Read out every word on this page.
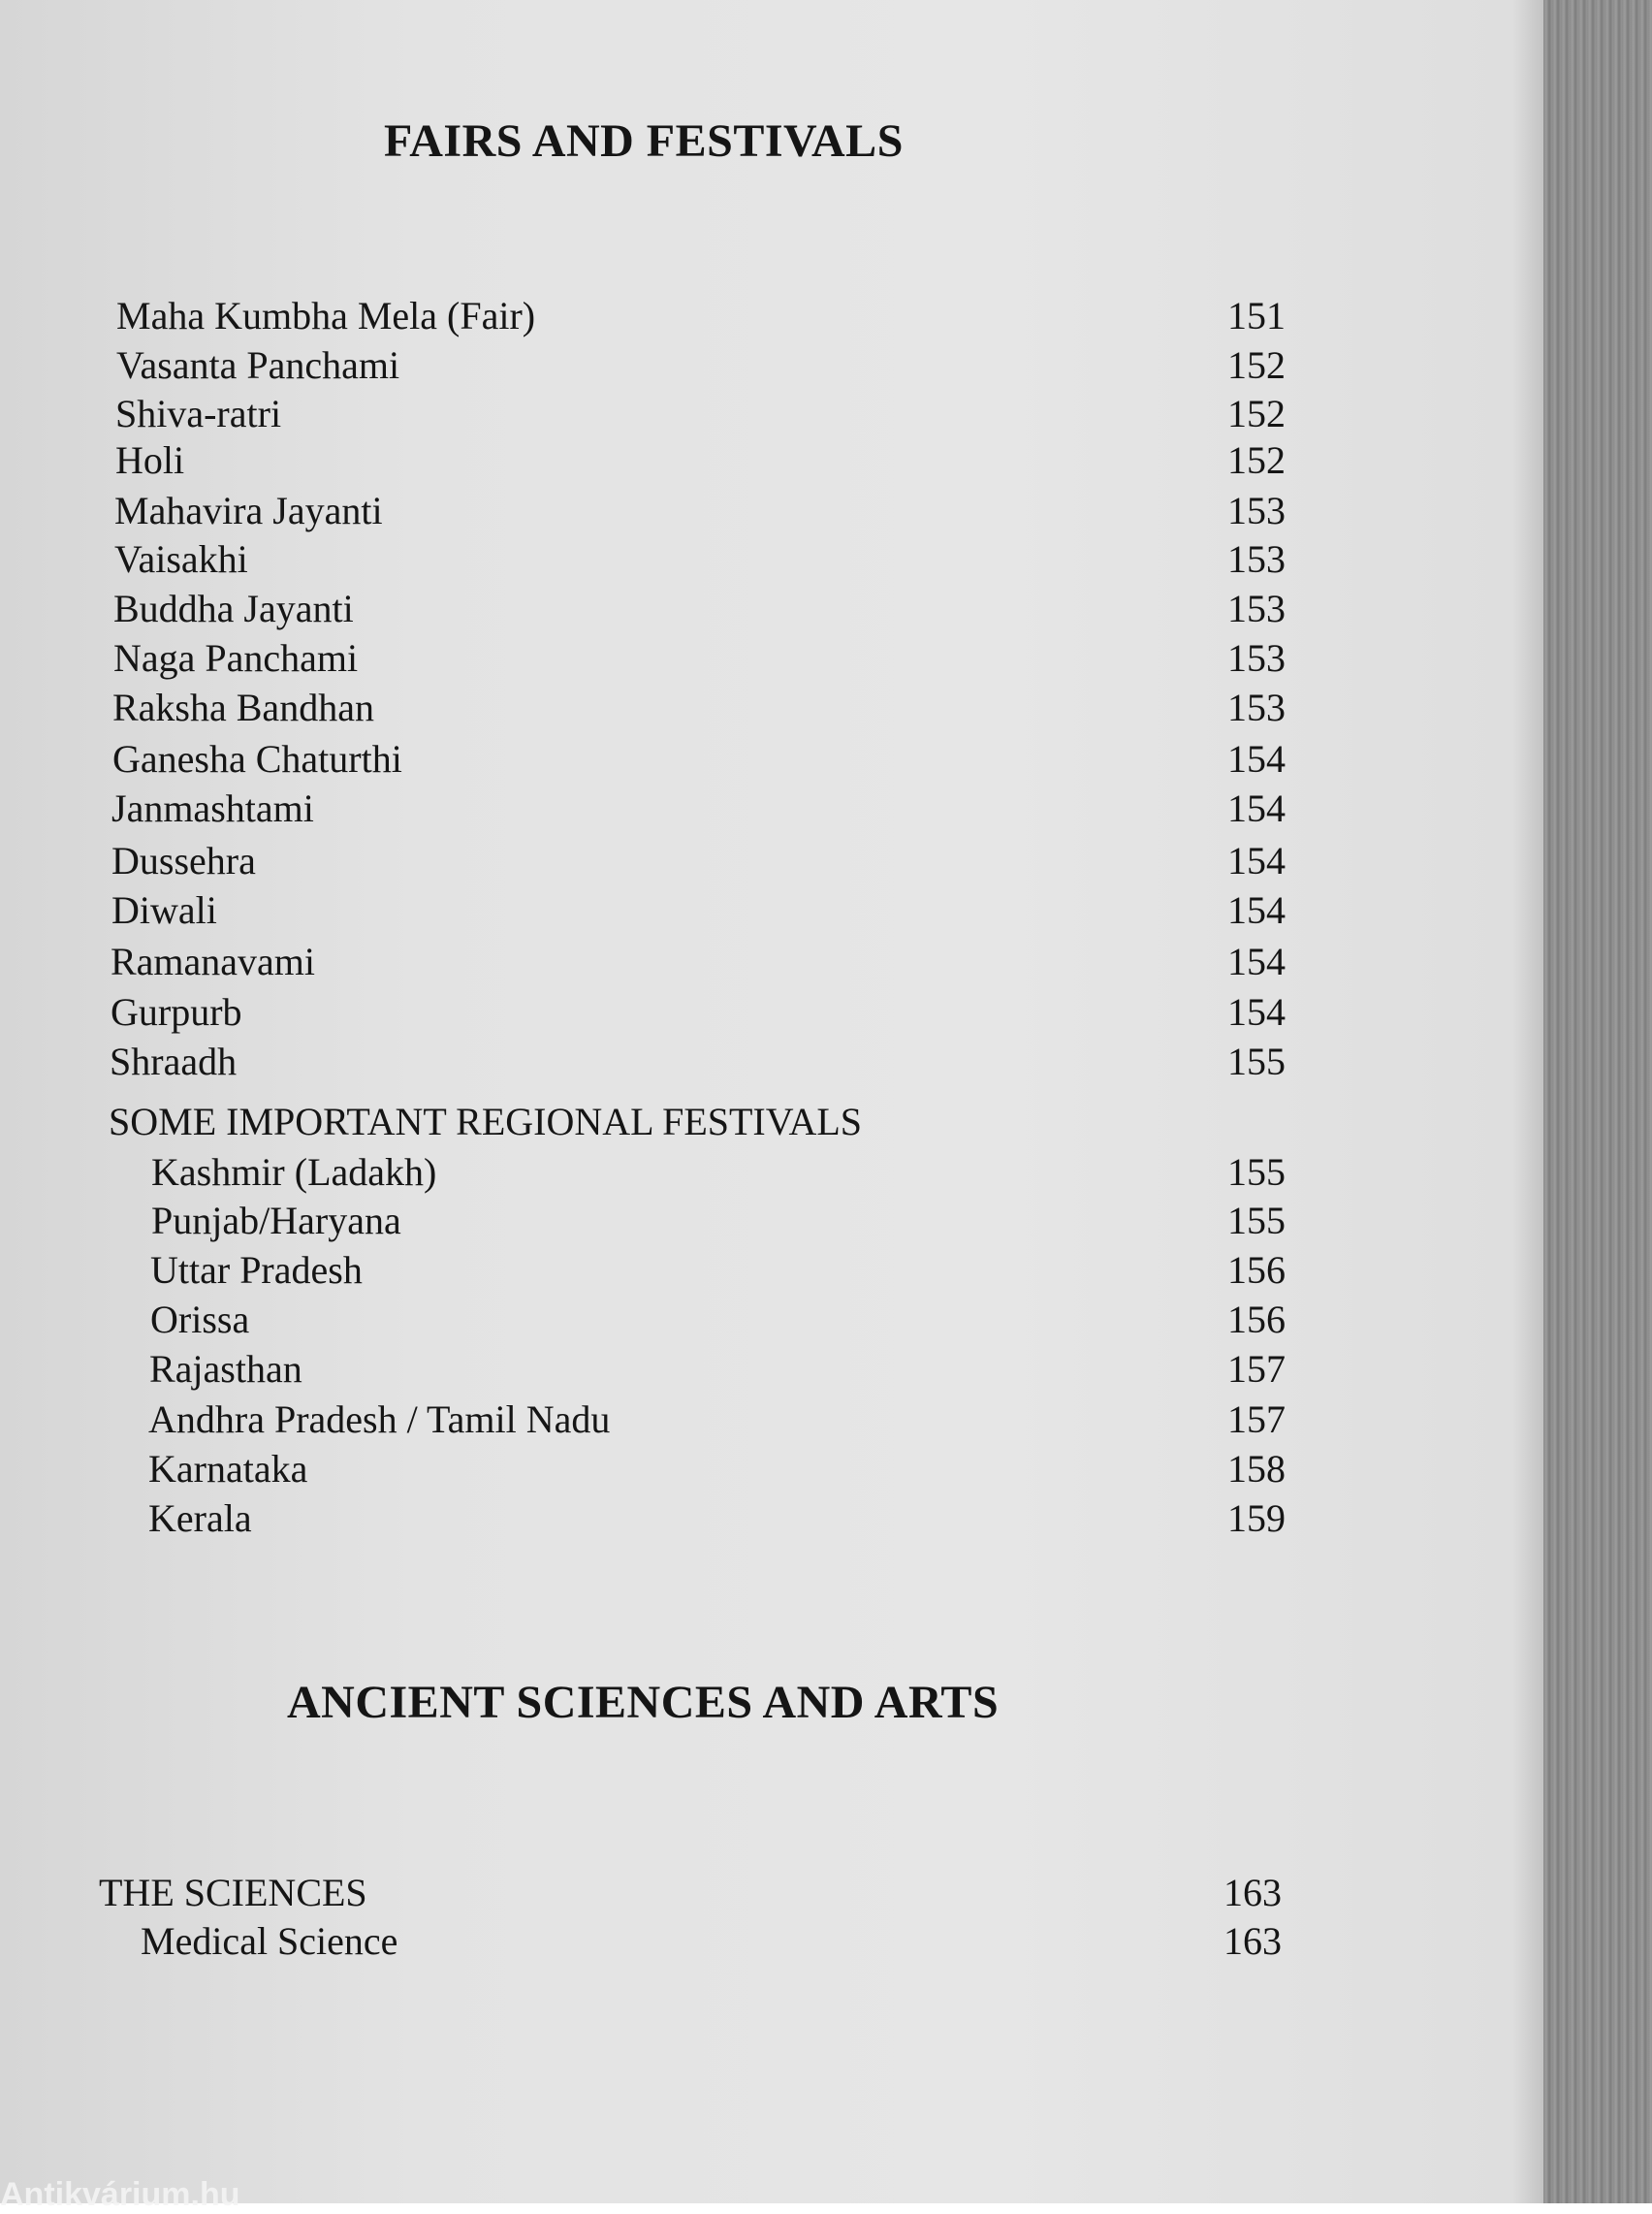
FAIRS AND FESTIVALS
Maha Kumbha Mela (Fair)	151
Vasanta Panchami	152
Shiva-ratri	152
Holi	152
Mahavira Jayanti	153
Vaisakhi	153
Buddha Jayanti	153
Naga Panchami	153
Raksha Bandhan	153
Ganesha Chaturthi	154
Janmashtami	154
Dussehra	154
Diwali	154
Ramanavami	154
Gurpurb	154
Shraadh	155
SOME IMPORTANT REGIONAL FESTIVALS
Kashmir (Ladakh)	155
Punjab/Haryana	155
Uttar Pradesh	156
Orissa	156
Rajasthan	157
Andhra Pradesh / Tamil Nadu	157
Karnataka	158
Kerala	159
ANCIENT SCIENCES AND ARTS
THE SCIENCES	163
Medical Science	163
Antikvárium.hu
